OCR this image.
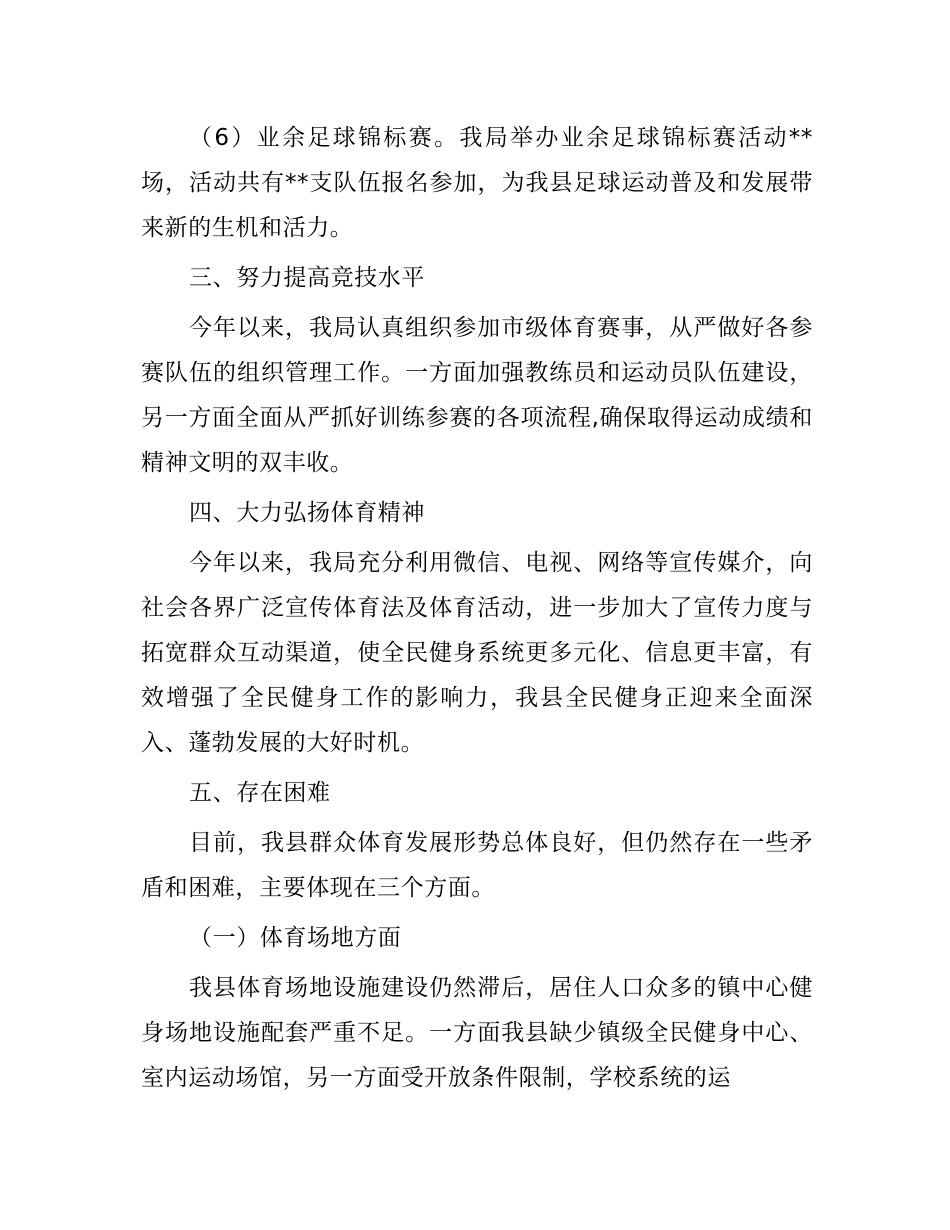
（6）业余足球锦标赛。我局举办业余足球锦标赛活动**场，活动共有**支队伍报名参加，为我县足球运动普及和发展带来新的生机和活力。

三、努力提高竞技水平

今年以来，我局认真组织参加市级体育赛事，从严做好各参赛队伍的组织管理工作。一方面加强教练员和运动员队伍建设，另一方面全面从严抓好训练参赛的各项流程,确保取得运动成绩和精神文明的双丰收。

四、大力弘扬体育精神

今年以来，我局充分利用微信、电视、网络等宣传媒介，向社会各界广泛宣传体育法及体育活动，进一步加大了宣传力度与拓宽群众互动渠道，使全民健身系统更多元化、信息更丰富，有效增强了全民健身工作的影响力，我县全民健身正迎来全面深入、蓬勃发展的大好时机。

五、存在困难

目前，我县群众体育发展形势总体良好，但仍然存在一些矛盾和困难，主要体现在三个方面。

（一）体育场地方面

我县体育场地设施建设仍然滞后，居住人口众多的镇中心健身场地设施配套严重不足。一方面我县缺少镇级全民健身中心、室内运动场馆，另一方面受开放条件限制，学校系统的运
